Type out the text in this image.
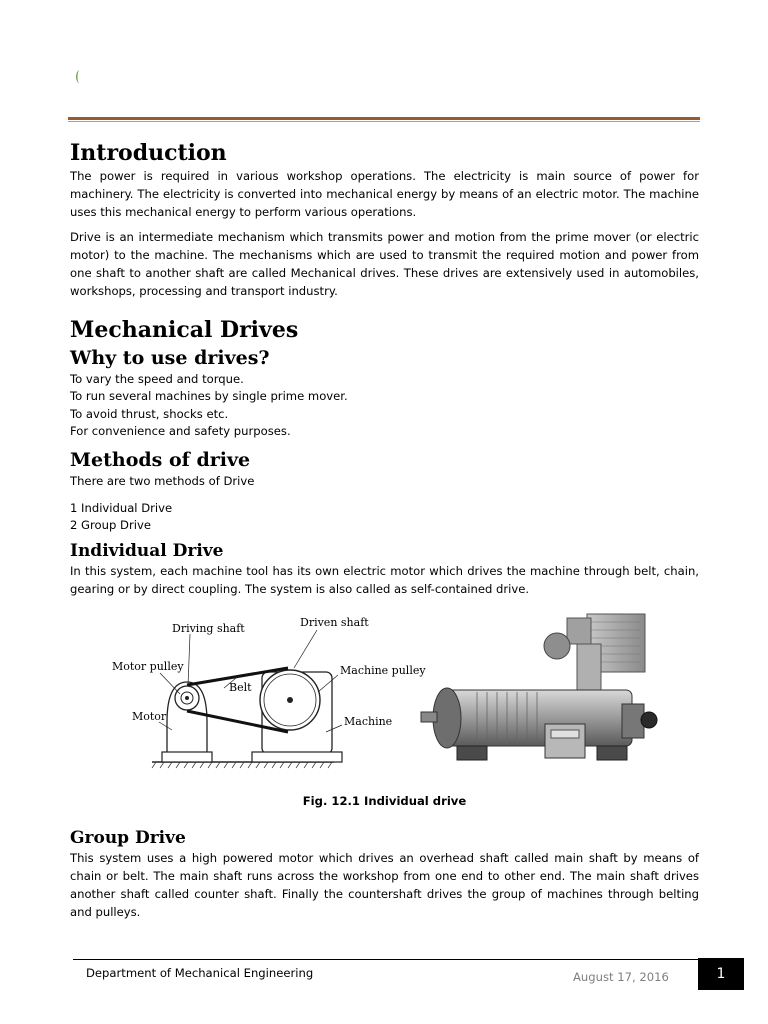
Introduction

The power is required in various workshop operations. The electricity is main source of power for machinery. The electricity is converted into mechanical energy by means of an electric motor. The machine uses this mechanical energy to perform various operations.

Drive is an intermediate mechanism which transmits power and motion from the prime mover (or electric motor) to the machine. The mechanisms which are used to transmit the required motion and power from one shaft to another shaft are called Mechanical drives. These drives are extensively used in automobiles, workshops, processing and transport industry.

Mechanical Drives
Why to use drives?
To vary the speed and torque.
To run several machines by single prime mover.
To avoid thrust, shocks etc.
For convenience and safety purposes.
Methods of drive
There are two methods of Drive
1 Individual Drive
2 Group Drive
Individual Drive

In this system, each machine tool has its own electric motor which drives the machine through belt, chain, gearing or by direct coupling. The system is also called as self-contained drive.

Driving shaft	Driven shaft
Motor pulley
Belt
Machine pulley
Motor	Machine
Fig. 12.1 Individual drive
Group Drive

This system uses a high powered motor which drives an overhead shaft called main shaft by means of chain or belt. The main shaft runs across the workshop from one end to other end. The main shaft drives another shaft called counter shaft. Finally the countershaft drives the group of machines through belting and pulleys.

Department of Mechanical Engineering	August 17, 2016	1
